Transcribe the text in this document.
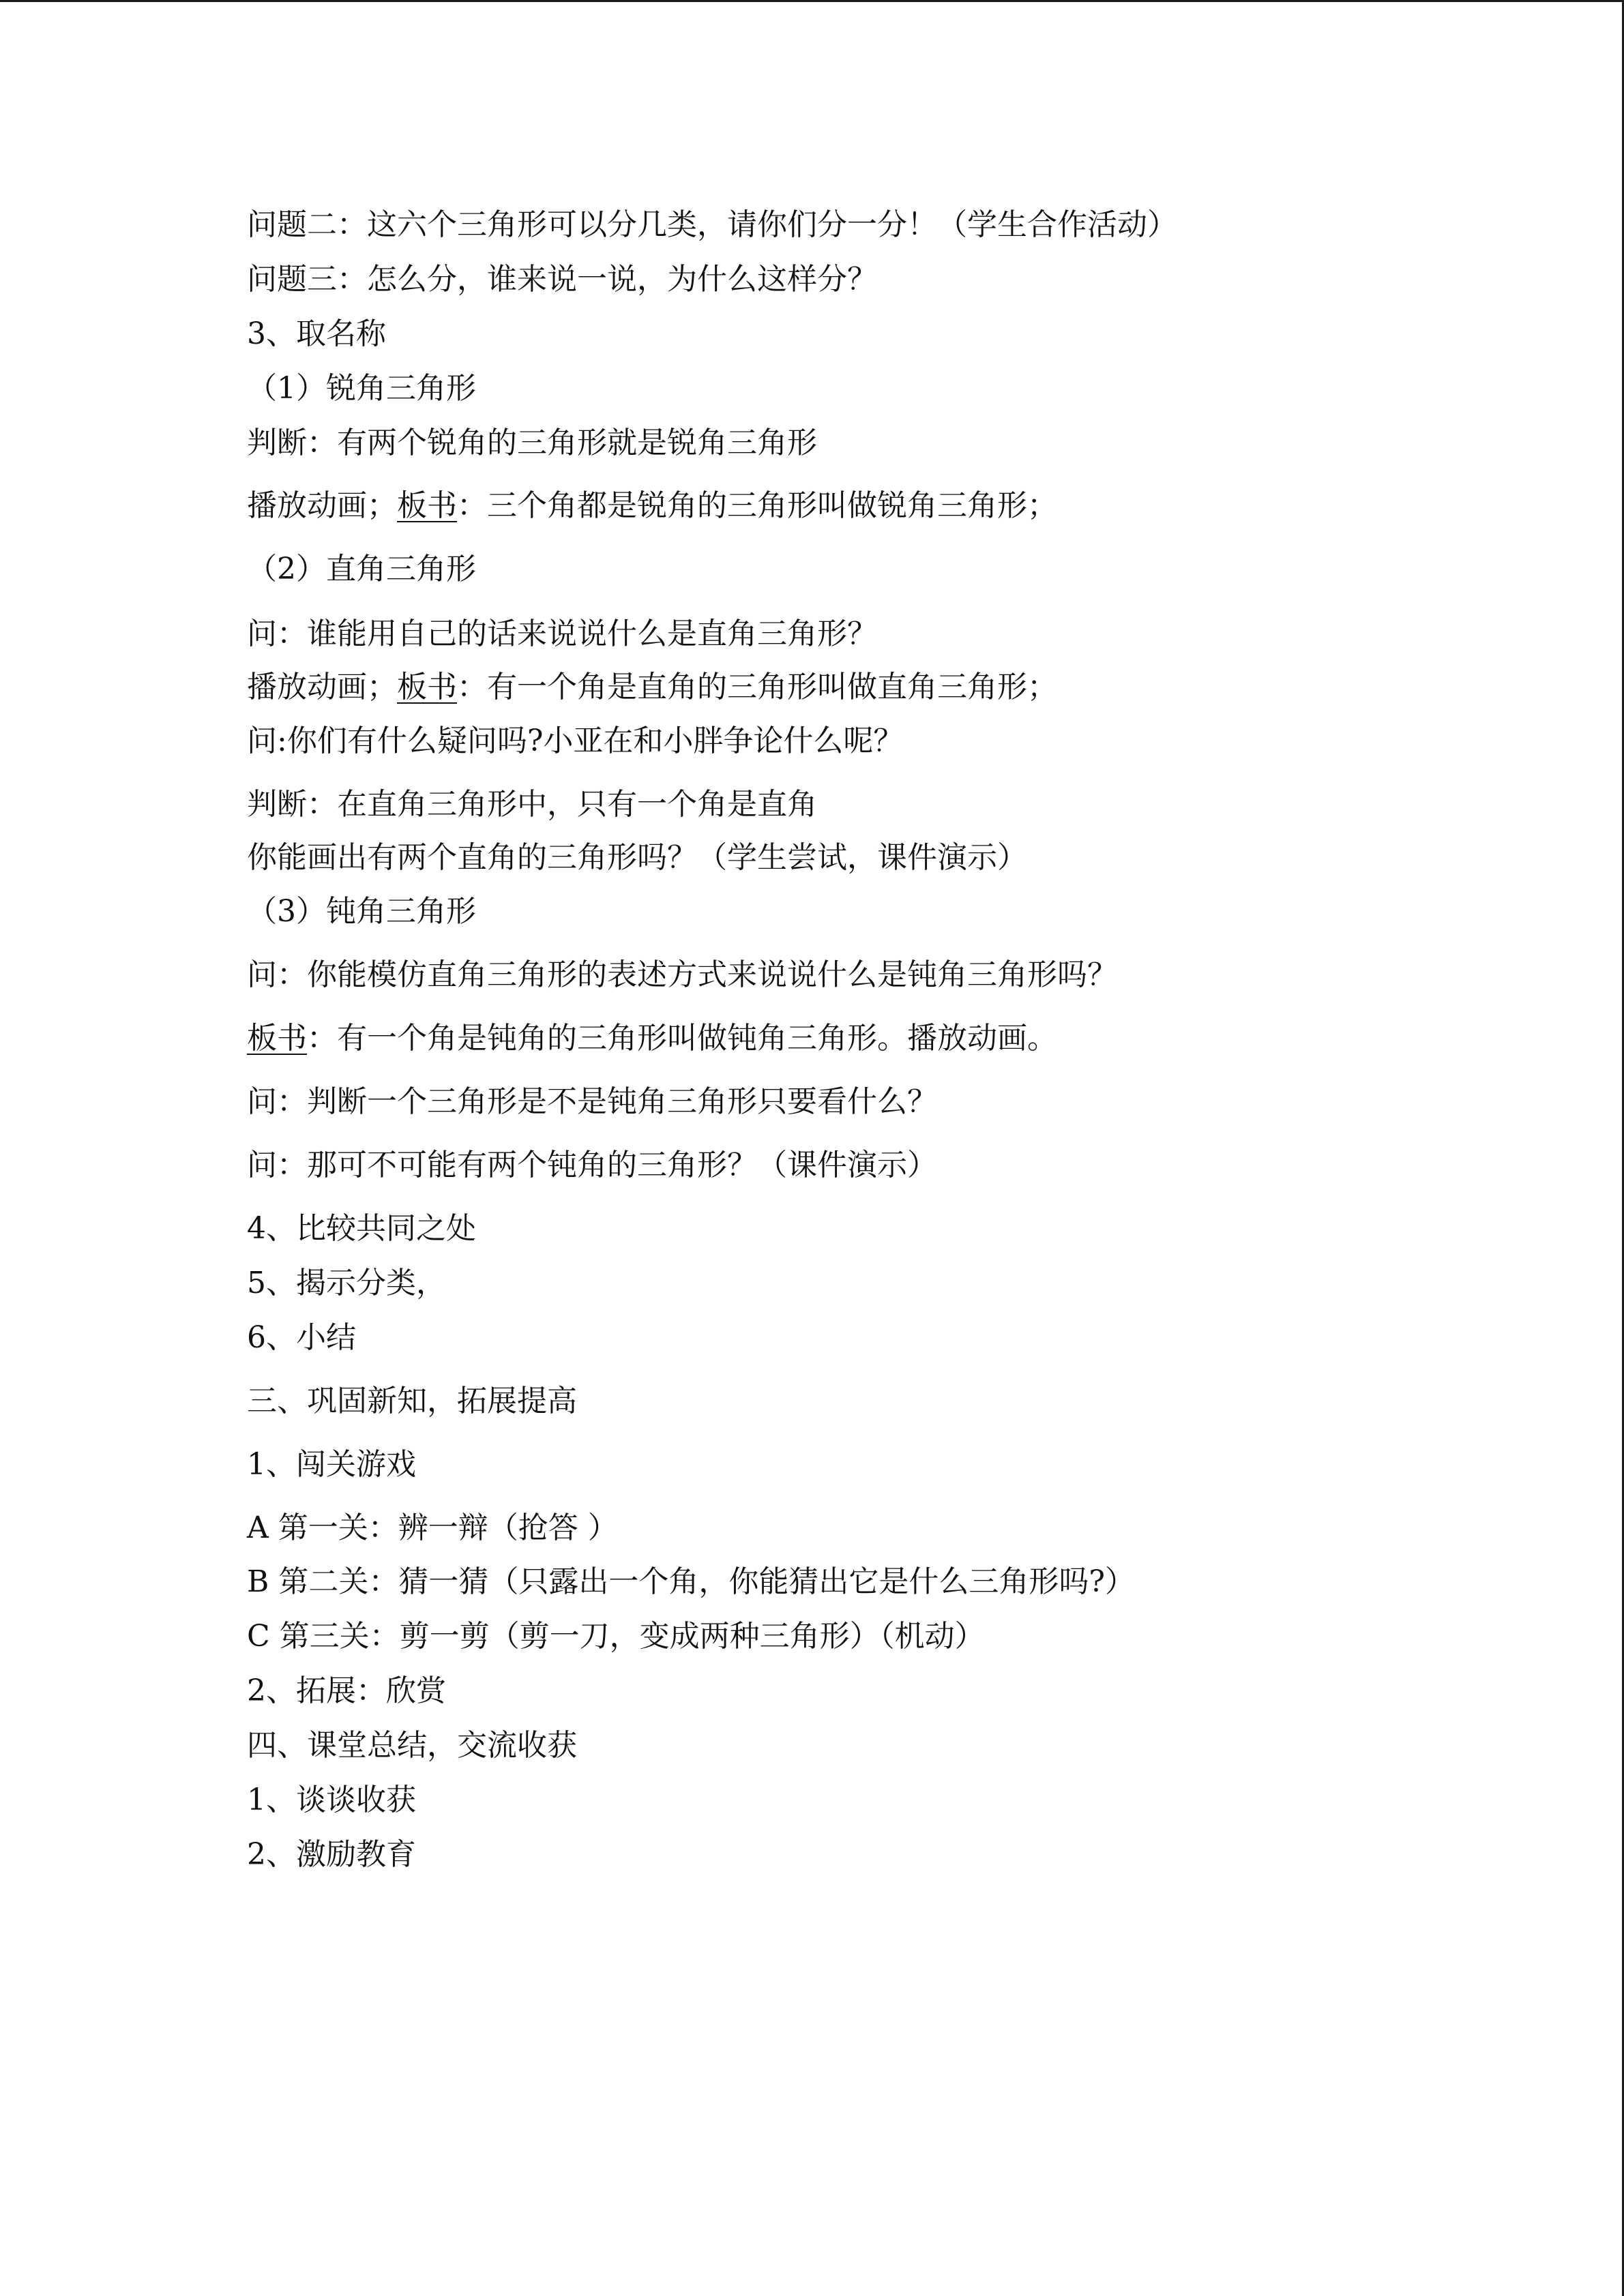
问题二：这六个三角形可以分几类，请你们分一分！（学生合作活动）
问题三：怎么分，谁来说一说，为什么这样分？
3、取名称
（1）锐角三角形
判断：有两个锐角的三角形就是锐角三角形
播放动画；板书：三个角都是锐角的三角形叫做锐角三角形；
（2）直角三角形
问：谁能用自己的话来说说什么是直角三角形？
播放动画；板书：有一个角是直角的三角形叫做直角三角形；
问:你们有什么疑问吗?小亚在和小胖争论什么呢？
判断：在直角三角形中，只有一个角是直角
你能画出有两个直角的三角形吗？（学生尝试，课件演示）
（3）钝角三角形
问：你能模仿直角三角形的表述方式来说说什么是钝角三角形吗？
板书：有一个角是钝角的三角形叫做钝角三角形。播放动画。
问：判断一个三角形是不是钝角三角形只要看什么？
问：那可不可能有两个钝角的三角形？（课件演示）
4、比较共同之处
5、揭示分类，
6、小结
三、巩固新知，拓展提高
1、闯关游戏
A 第一关：辨一辩（抢答 ）
B 第二关：猜一猜（只露出一个角，你能猜出它是什么三角形吗?）
C 第三关：剪一剪（剪一刀，变成两种三角形）（机动）
2、拓展：欣赏
四、课堂总结，交流收获
1、谈谈收获
2、激励教育
